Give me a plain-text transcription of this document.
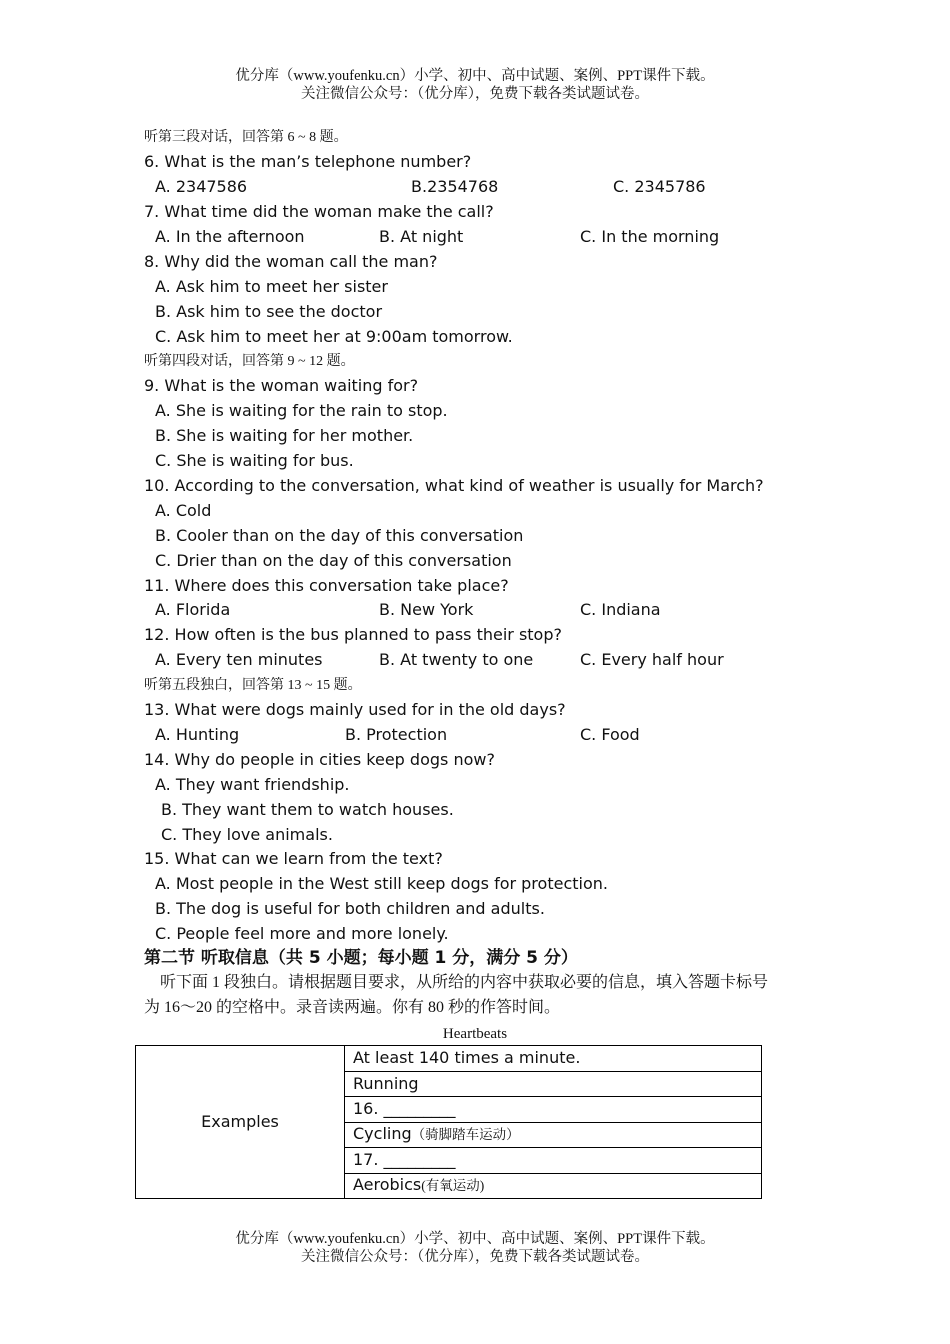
优分库（www.youfenku.cn）小学、初中、高中试题、案例、PPT课件下载。
关注微信公众号：（优分库），免费下载各类试题试卷。
听第三段对话，回答第 6 ~ 8 题。
6. What is the man’s telephone number?
A. 2347586	B.2354768	C. 2345786
7. What time did the woman make the call?
A. In the afternoon	B. At night	C. In the morning
8. Why did the woman call the man?
A. Ask him to meet her sister
B. Ask him to see the doctor
C. Ask him to meet her at 9:00am tomorrow.
听第四段对话，回答第 9 ~ 12 题。
9. What is the woman waiting for?
A. She is waiting for the rain to stop.
B. She is waiting for her mother.
C. She is waiting for bus.
10. According to the conversation, what kind of weather is usually for March?
A. Cold
B. Cooler than on the day of this conversation
C. Drier than on the day of this conversation
11. Where does this conversation take place?
A. Florida	B. New York	C. Indiana
12. How often is the bus planned to pass their stop?
A. Every ten minutes	B. At twenty to one	C. Every half hour
听第五段独白，回答第 13 ~ 15 题。
13. What were dogs mainly used for in the old days?
A. Hunting	B. Protection	C. Food
14. Why do people in cities keep dogs now?
A. They want friendship.
B. They want them to watch houses.
C. They love animals.
15. What can we learn from the text?
A. Most people in the West still keep dogs for protection.
B. The dog is useful for both children and adults.
C. People feel more and more lonely.
第二节 听取信息（共 5 小题；每小题 1 分，满分 5 分）
听下面 1 段独白。请根据题目要求，从所给的内容中获取必要的信息，填入答题卡标号
为 16～20 的空格中。录音读两遍。你有 80 秒的作答时间。
Heartbeats
Examples	At least 140 times a minute.
Running
16. _________
Cycling（骑脚踏车运动）
17. _________
Aerobics(有氧运动)
优分库（www.youfenku.cn）小学、初中、高中试题、案例、PPT课件下载。
关注微信公众号：（优分库），免费下载各类试题试卷。
